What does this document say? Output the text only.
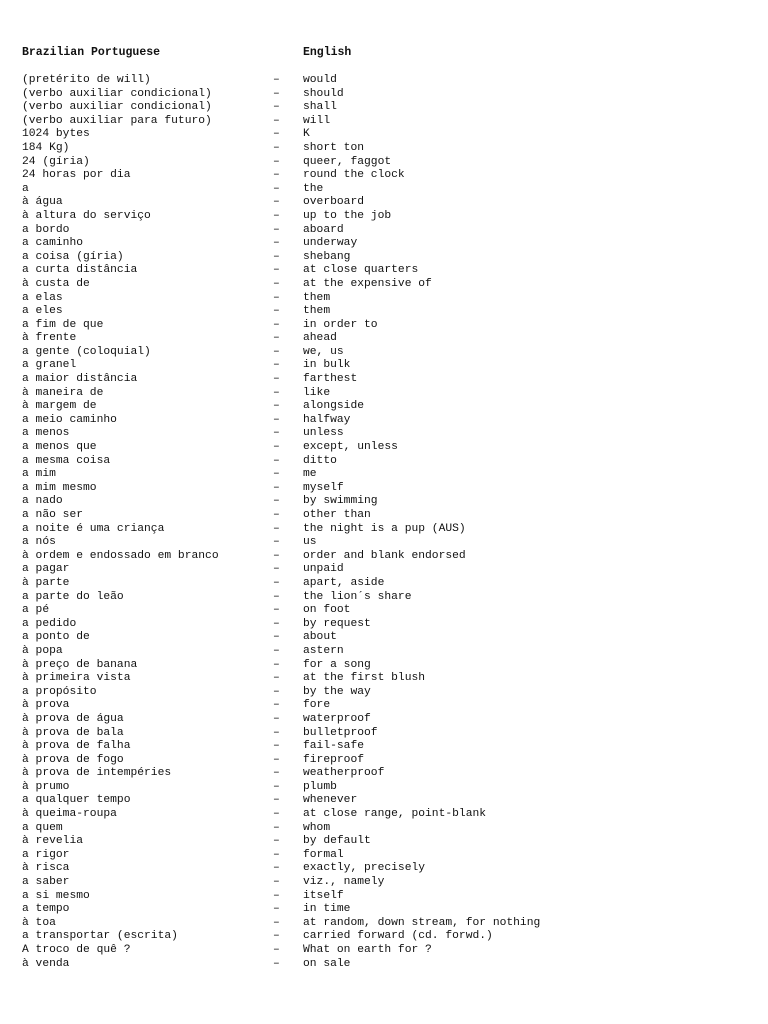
Brazilian Portuguese	English
(pretérito de will)	– would
(verbo auxiliar condicional)	– should
(verbo auxiliar condicional)	– shall
(verbo auxiliar para futuro)	– will
1024 bytes	– K
184 Kg)	– short ton
24 (gíria)	– queer, faggot
24 horas por dia	– round the clock
a	– the
à água	– overboard
à altura do serviço	– up to the job
a bordo	– aboard
a caminho	– underway
a coisa (gíria)	– shebang
a curta distância	– at close quarters
à custa de	– at the expensive of
a elas	– them
a eles	– them
a fim de que	– in order to
à frente	– ahead
a gente (coloquial)	– we, us
a granel	– in bulk
a maior distância	– farthest
à maneira de	– like
à margem de	– alongside
a meio caminho	– halfway
a menos	– unless
a menos que	– except, unless
a mesma coisa	– ditto
a mim	– me
a mim mesmo	– myself
a nado	– by swimming
a não ser	– other than
a noite é uma criança	– the night is a pup (AUS)
a nós	– us
à ordem e endossado em branco	– order and blank endorsed
a pagar	– unpaid
à parte	– apart, aside
a parte do leão	– the lion´s share
a pé	– on foot
a pedido	– by request
a ponto de	– about
à popa	– astern
à preço de banana	– for a song
à primeira vista	– at the first blush
a propósito	– by the way
à prova	– fore
à prova de água	– waterproof
à prova de bala	– bulletproof
à prova de falha	– fail-safe
à prova de fogo	– fireproof
à prova de intempéries	– weatherproof
à prumo	– plumb
a qualquer tempo	– whenever
à queima-roupa	– at close range, point-blank
a quem	– whom
à revelia	– by default
a rigor	– formal
à risca	– exactly, precisely
a saber	– viz., namely
a si mesmo	– itself
a tempo	– in time
à toa	– at random, down stream, for nothing
a transportar (escrita)	– carried forward (cd. forwd.)
A troco de quê ?	– What on earth for ?
à venda	– on sale
